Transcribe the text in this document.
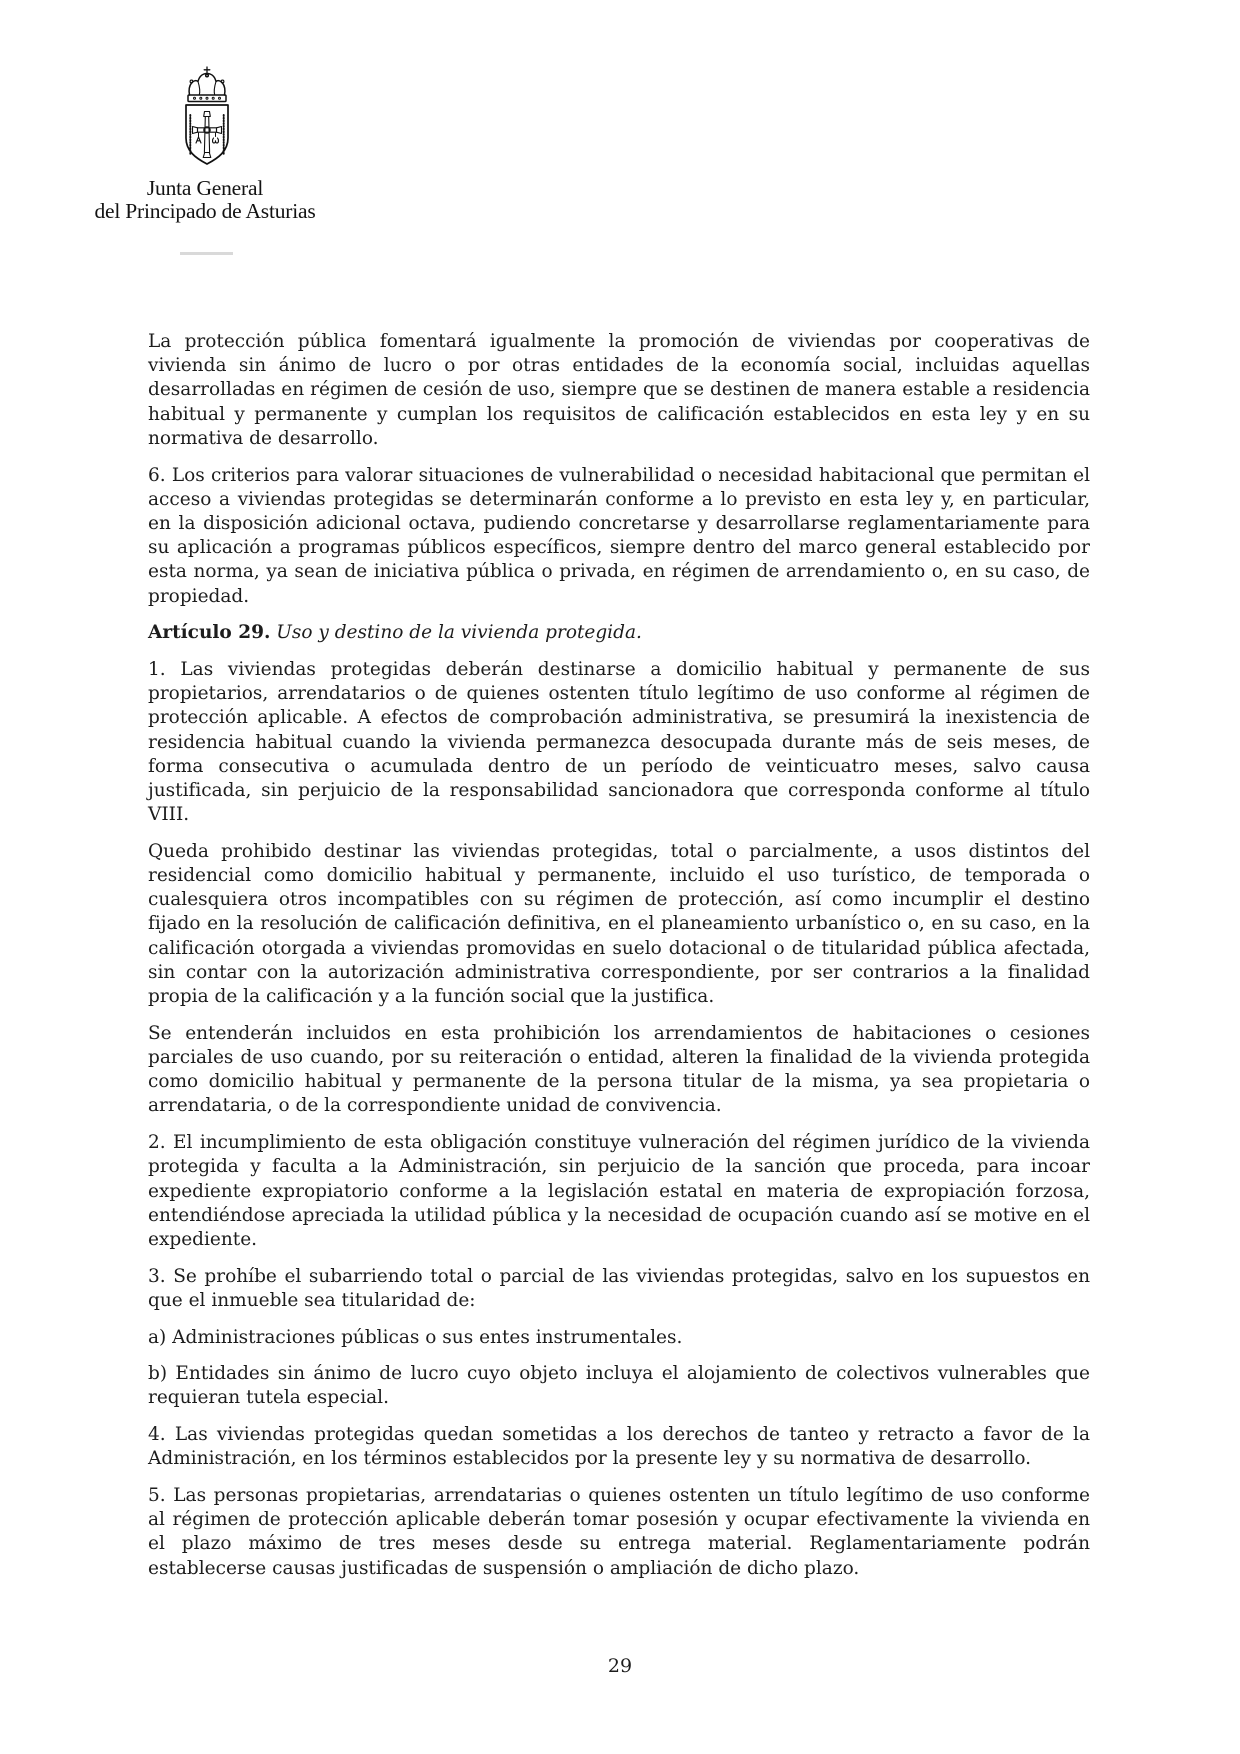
Junta General
del Principado de Asturias

La protección pública fomentará igualmente la promoción de viviendas por cooperativas de vivienda sin ánimo de lucro o por otras entidades de la economía social, incluidas aquellas desarrolladas en régimen de cesión de uso, siempre que se destinen de manera estable a residencia habitual y permanente y cumplan los requisitos de calificación establecidos en esta ley y en su normativa de desarrollo.

6. Los criterios para valorar situaciones de vulnerabilidad o necesidad habitacional que permitan el acceso a viviendas protegidas se determinarán conforme a lo previsto en esta ley y, en particular, en la disposición adicional octava, pudiendo concretarse y desarrollarse reglamentariamente para su aplicación a programas públicos específicos, siempre dentro del marco general establecido por esta norma, ya sean de iniciativa pública o privada, en régimen de arrendamiento o, en su caso, de propiedad.

Artículo 29. Uso y destino de la vivienda protegida.

1. Las viviendas protegidas deberán destinarse a domicilio habitual y permanente de sus propietarios, arrendatarios o de quienes ostenten título legítimo de uso conforme al régimen de protección aplicable. A efectos de comprobación administrativa, se presumirá la inexistencia de residencia habitual cuando la vivienda permanezca desocupada durante más de seis meses, de forma consecutiva o acumulada dentro de un período de veinticuatro meses, salvo causa justificada, sin perjuicio de la responsabilidad sancionadora que corresponda conforme al título VIII.

Queda prohibido destinar las viviendas protegidas, total o parcialmente, a usos distintos del residencial como domicilio habitual y permanente, incluido el uso turístico, de temporada o cualesquiera otros incompatibles con su régimen de protección, así como incumplir el destino fijado en la resolución de calificación definitiva, en el planeamiento urbanístico o, en su caso, en la calificación otorgada a viviendas promovidas en suelo dotacional o de titularidad pública afectada, sin contar con la autorización administrativa correspondiente, por ser contrarios a la finalidad propia de la calificación y a la función social que la justifica.

Se entenderán incluidos en esta prohibición los arrendamientos de habitaciones o cesiones parciales de uso cuando, por su reiteración o entidad, alteren la finalidad de la vivienda protegida como domicilio habitual y permanente de la persona titular de la misma, ya sea propietaria o arrendataria, o de la correspondiente unidad de convivencia.

2. El incumplimiento de esta obligación constituye vulneración del régimen jurídico de la vivienda protegida y faculta a la Administración, sin perjuicio de la sanción que proceda, para incoar expediente expropiatorio conforme a la legislación estatal en materia de expropiación forzosa, entendiéndose apreciada la utilidad pública y la necesidad de ocupación cuando así se motive en el expediente.

3. Se prohíbe el subarriendo total o parcial de las viviendas protegidas, salvo en los supuestos en que el inmueble sea titularidad de:

a) Administraciones públicas o sus entes instrumentales.

b) Entidades sin ánimo de lucro cuyo objeto incluya el alojamiento de colectivos vulnerables que requieran tutela especial.

4. Las viviendas protegidas quedan sometidas a los derechos de tanteo y retracto a favor de la Administración, en los términos establecidos por la presente ley y su normativa de desarrollo.

5. Las personas propietarias, arrendatarias o quienes ostenten un título legítimo de uso conforme al régimen de protección aplicable deberán tomar posesión y ocupar efectivamente la vivienda en el plazo máximo de tres meses desde su entrega material. Reglamentariamente podrán establecerse causas justificadas de suspensión o ampliación de dicho plazo.

29
